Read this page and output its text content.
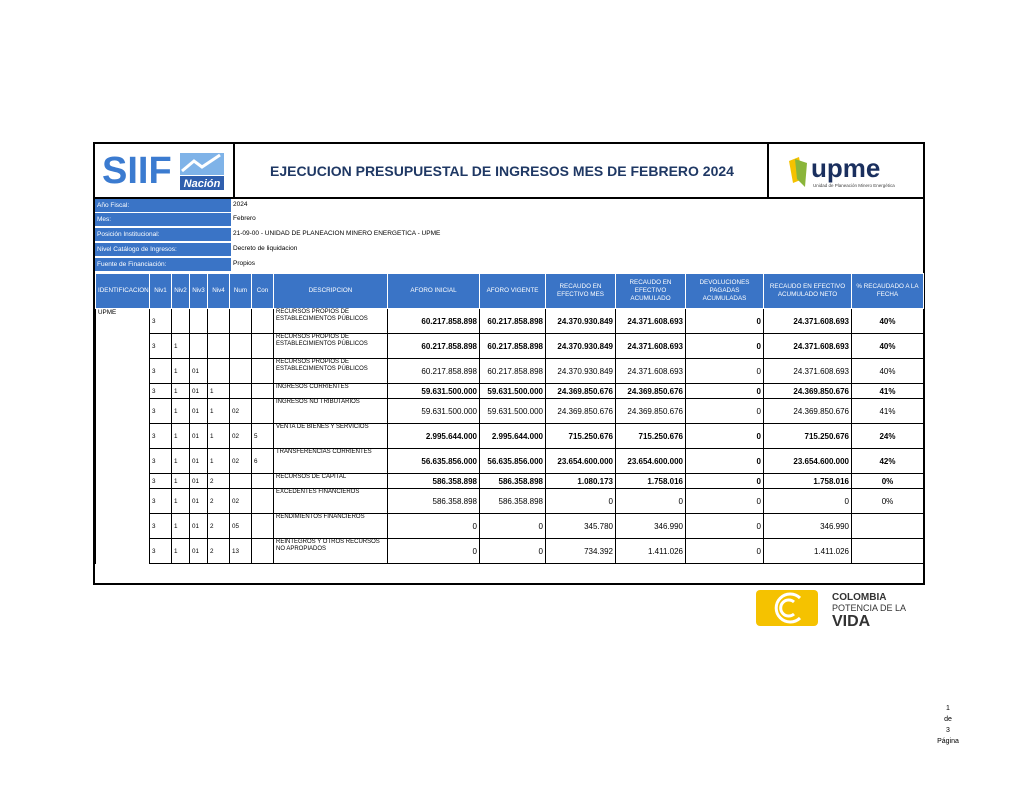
SIIF Nación
EJECUCION PRESUPUESTAL DE INGRESOS MES DE FEBRERO 2024	upme
Unidad de Planeación Minero Energética
Año Fiscal:	2024
Mes:	Febrero
Posición Institucional:	21-09-00 - UNIDAD DE PLANEACION MINERO ENERGETICA - UPME
Nivel Catálogo de Ingresos:	Decreto de liquidacion
Fuente de Financiación:	Propios
IDENTIFICACION	Niv1	Niv2	Niv3	Niv4	Num	Con	DESCRIPCION	AFORO INICIAL	AFORO VIGENTE	RECAUDO EN EFECTIVO MES	RECAUDO EN EFECTIVO ACUMULADO	DEVOLUCIONES PAGADAS ACUMULADAS	RECAUDO EN EFECTIVO ACUMULADO NETO	% RECAUDADO A LA FECHA
UPME	3						RECURSOS PROPIOS DE ESTABLECIMIENTOS PÚBLICOS	60.217.858.898	60.217.858.898	24.370.930.849	24.371.608.693	0	24.371.608.693	40%
	3	1					RECURSOS PROPIOS DE ESTABLECIMIENTOS PÚBLICOS	60.217.858.898	60.217.858.898	24.370.930.849	24.371.608.693	0	24.371.608.693	40%
	3	1	01				RECURSOS PROPIOS DE ESTABLECIMIENTOS PÚBLICOS	60.217.858.898	60.217.858.898	24.370.930.849	24.371.608.693	0	24.371.608.693	40%
	3	1	01	1			INGRESOS CORRIENTES	59.631.500.000	59.631.500.000	24.369.850.676	24.369.850.676	0	24.369.850.676	41%
	3	1	01	1	02		INGRESOS NO TRIBUTARIOS	59.631.500.000	59.631.500.000	24.369.850.676	24.369.850.676	0	24.369.850.676	41%
	3	1	01	1	02	5	VENTA DE BIENES Y SERVICIOS	2.995.644.000	2.995.644.000	715.250.676	715.250.676	0	715.250.676	24%
	3	1	01	1	02	6	TRANSFERENCIAS CORRIENTES	56.635.856.000	56.635.856.000	23.654.600.000	23.654.600.000	0	23.654.600.000	42%
	3	1	01	2			RECURSOS DE CAPITAL	586.358.898	586.358.898	1.080.173	1.758.016	0	1.758.016	0%
	3	1	01	2	02		EXCEDENTES FINANCIEROS	586.358.898	586.358.898	0	0	0	0	0%
	3	1	01	2	05		RENDIMIENTOS FINANCIEROS	0	0	345.780	346.990	0	346.990	
	3	1	01	2	13		REINTEGROS Y OTROS RECURSOS NO APROPIADOS	0	0	734.392	1.411.026	0	1.411.026	
COLOMBIA
POTENCIA DE LA
VIDA
1
de
3
Página
